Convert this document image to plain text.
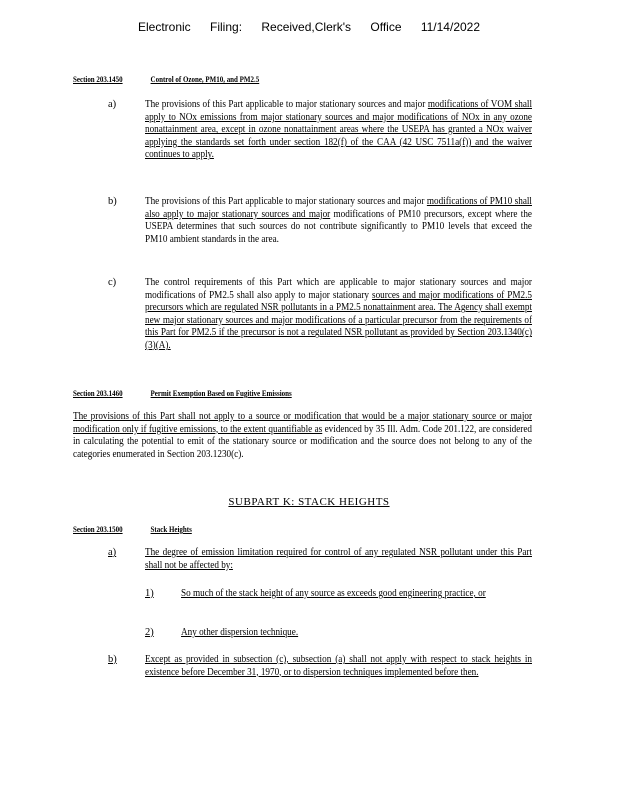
Electronic Filing: Received,Clerk's Office 11/14/2022
Section 203.1450	Control of Ozone, PM10, and PM2.5
a)	The provisions of this Part applicable to major stationary sources and major modifications of VOM shall apply to NOx emissions from major stationary sources and major modifications of NOx in any ozone nonattainment area, except in ozone nonattainment areas where the USEPA has granted a NOx waiver applying the standards set forth under section 182(f) of the CAA (42 USC 7511a(f)) and the waiver continues to apply.
b)	The provisions of this Part applicable to major stationary sources and major modifications of PM10 shall also apply to major stationary sources and major modifications of PM10 precursors, except where the USEPA determines that such sources do not contribute significantly to PM10 levels that exceed the PM10 ambient standards in the area.
c)	The control requirements of this Part which are applicable to major stationary sources and major modifications of PM2.5 shall also apply to major stationary sources and major modifications of PM2.5 precursors which are regulated NSR pollutants in a PM2.5 nonattainment area. The Agency shall exempt new major stationary sources and major modifications of a particular precursor from the requirements of this Part for PM2.5 if the precursor is not a regulated NSR pollutant as provided by Section 203.1340(c)(3)(A).
Section 203.1460	Permit Exemption Based on Fugitive Emissions
The provisions of this Part shall not apply to a source or modification that would be a major stationary source or major modification only if fugitive emissions, to the extent quantifiable as evidenced by 35 Ill. Adm. Code 201.122, are considered in calculating the potential to emit of the stationary source or modification and the source does not belong to any of the categories enumerated in Section 203.1230(c).
SUBPART K: STACK HEIGHTS
Section 203.1500	Stack Heights
a)	The degree of emission limitation required for control of any regulated NSR pollutant under this Part shall not be affected by:
1)	So much of the stack height of any source as exceeds good engineering practice, or
2)	Any other dispersion technique.
b)	Except as provided in subsection (c), subsection (a) shall not apply with respect to stack heights in existence before December 31, 1970, or to dispersion techniques implemented before then.
